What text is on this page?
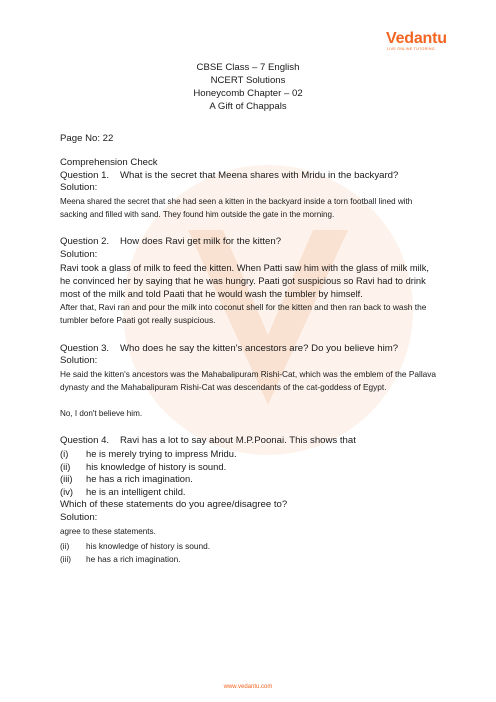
Vedantu
LIVE ONLINE TUTORING
CBSE Class – 7 English
NCERT Solutions
Honeycomb Chapter – 02
A Gift of Chappals
Page No: 22
Comprehension Check
Question 1. What is the secret that Meena shares with Mridu in the backyard?
Solution:
Meena shared the secret that she had seen a kitten in the backyard inside a torn football lined with sacking and filled with sand. They found him outside the gate in the morning.
Question 2. How does Ravi get milk for the kitten?
Solution:
Ravi took a glass of milk to feed the kitten. When Patti saw him with the glass of milk milk, he convinced her by saying that he was hungry. Paati got suspicious so Ravi had to drink most of the milk and told Paati that he would wash the tumbler by himself.
After that, Ravi ran and pour the milk into coconut shell for the kitten and then ran back to wash the tumbler before Paati got really suspicious.
Question 3. Who does he say the kitten's ancestors are? Do you believe him?
Solution:
He said the kitten's ancestors was the Mahabalipuram Rishi-Cat, which was the emblem of the Pallava dynasty and the Mahabalipuram Rishi-Cat was descendants of the cat-goddess of Egypt.
No, I don't believe him.
Question 4. Ravi has a lot to say about M.P.Poonai. This shows that
(i) he is merely trying to impress Mridu.
(ii) his knowledge of history is sound.
(iii) he has a rich imagination.
(iv) he is an intelligent child.
Which of these statements do you agree/disagree to?
Solution:
agree to these statements.
(ii) his knowledge of history is sound.
(iii) he has a rich imagination.
www.vedantu.com
